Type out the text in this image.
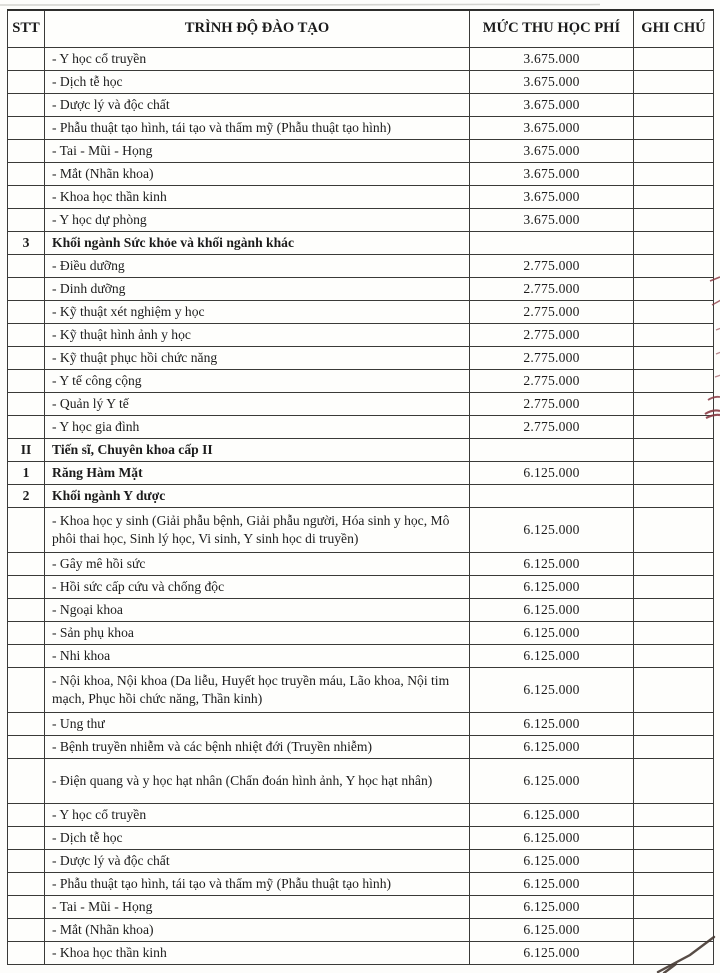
STT	TRÌNH ĐỘ ĐÀO TẠO	MỨC THU HỌC PHÍ	GHI CHÚ
	- Y học cổ truyền	3.675.000	
	- Dịch tễ học	3.675.000	
	- Dược lý và độc chất	3.675.000	
	- Phẫu thuật tạo hình, tái tạo và thẩm mỹ (Phẫu thuật tạo hình)	3.675.000	
	- Tai - Mũi - Họng	3.675.000	
	- Mắt (Nhãn khoa)	3.675.000	
	- Khoa học thần kinh	3.675.000	
	- Y học dự phòng	3.675.000	
3	Khối ngành Sức khỏe và khối ngành khác		
	- Điều dưỡng	2.775.000	
	- Dinh dưỡng	2.775.000	
	- Kỹ thuật xét nghiệm y học	2.775.000	
	- Kỹ thuật hình ảnh y học	2.775.000	
	- Kỹ thuật phục hồi chức năng	2.775.000	
	- Y tế công cộng	2.775.000	
	- Quản lý Y tế	2.775.000	
	- Y học gia đình	2.775.000	
II	Tiến sĩ, Chuyên khoa cấp II		
1	Răng Hàm Mặt	6.125.000	
2	Khối ngành Y dược		
	- Khoa học y sinh (Giải phẫu bệnh, Giải phẫu người, Hóa sinh y học, Mô phôi thai học, Sinh lý học, Vi sinh, Y sinh học di truyền)	6.125.000	
	- Gây mê hồi sức	6.125.000	
	- Hồi sức cấp cứu và chống độc	6.125.000	
	- Ngoại khoa	6.125.000	
	- Sản phụ khoa	6.125.000	
	- Nhi khoa	6.125.000	
	- Nội khoa, Nội khoa (Da liễu, Huyết học truyền máu, Lão khoa, Nội tim mạch, Phục hồi chức năng, Thần kinh)	6.125.000	
	- Ung thư	6.125.000	
	- Bệnh truyền nhiễm và các bệnh nhiệt đới (Truyền nhiễm)	6.125.000	
	- Điện quang và y học hạt nhân (Chẩn đoán hình ảnh, Y học hạt nhân)	6.125.000	
	- Y học cổ truyền	6.125.000	
	- Dịch tễ học	6.125.000	
	- Dược lý và độc chất	6.125.000	
	- Phẫu thuật tạo hình, tái tạo và thẩm mỹ (Phẫu thuật tạo hình)	6.125.000	
	- Tai - Mũi - Họng	6.125.000	
	- Mắt (Nhãn khoa)	6.125.000	
	- Khoa học thần kinh	6.125.000	
